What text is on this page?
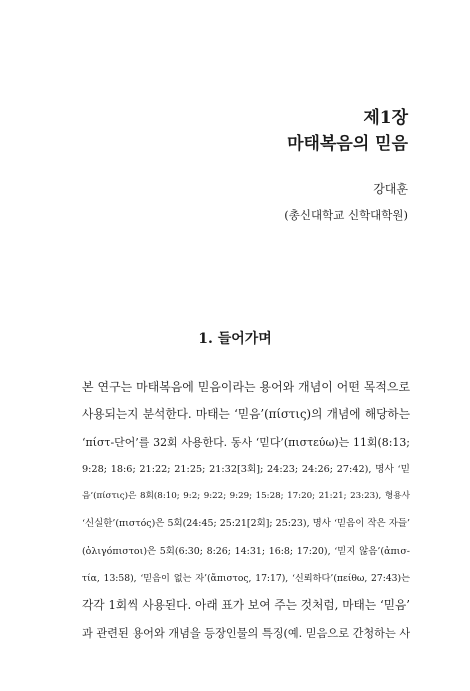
제1장
마태복음의 믿음

강대훈

(총신대학교 신학대학원)

1. 들어가며
본 연구는 마태복음에 믿음이라는 용어와 개념이 어떤 목적으로
사용되는지 분석한다. 마태는 ‘믿음’(πίστις)의 개념에 해당하는
‘πίστ-단어’를 32회 사용한다. 동사 ‘믿다’(πιστεύω)는 11회(8:13;
9:28; 18:6; 21:22; 21:25; 21:32[3회]; 24:23; 24:26; 27:42), 명사 ‘믿
음’(πίστις)은 8회(8:10; 9:2; 9:22; 9:29; 15:28; 17:20; 21:21; 23:23), 형용사
‘신실한’(πιστός)은 5회(24:45; 25:21[2회]; 25:23), 명사 ‘믿음이 작은 자들’
(ὀλιγόπιστοι)은 5회(6:30; 8:26; 14:31; 16:8; 17:20), ‘믿지 않음’(ἀπισ-
τία, 13:58), ‘믿음이 없는 자’(ἄπιστος, 17:17), ‘신뢰하다’(πείθω, 27:43)는
각각 1회씩 사용된다. 아래 표가 보여 주는 것처럼, 마태는 ‘믿음’
과 관련된 용어와 개념을 등장인물의 특징(예. 믿음으로 간청하는 사
